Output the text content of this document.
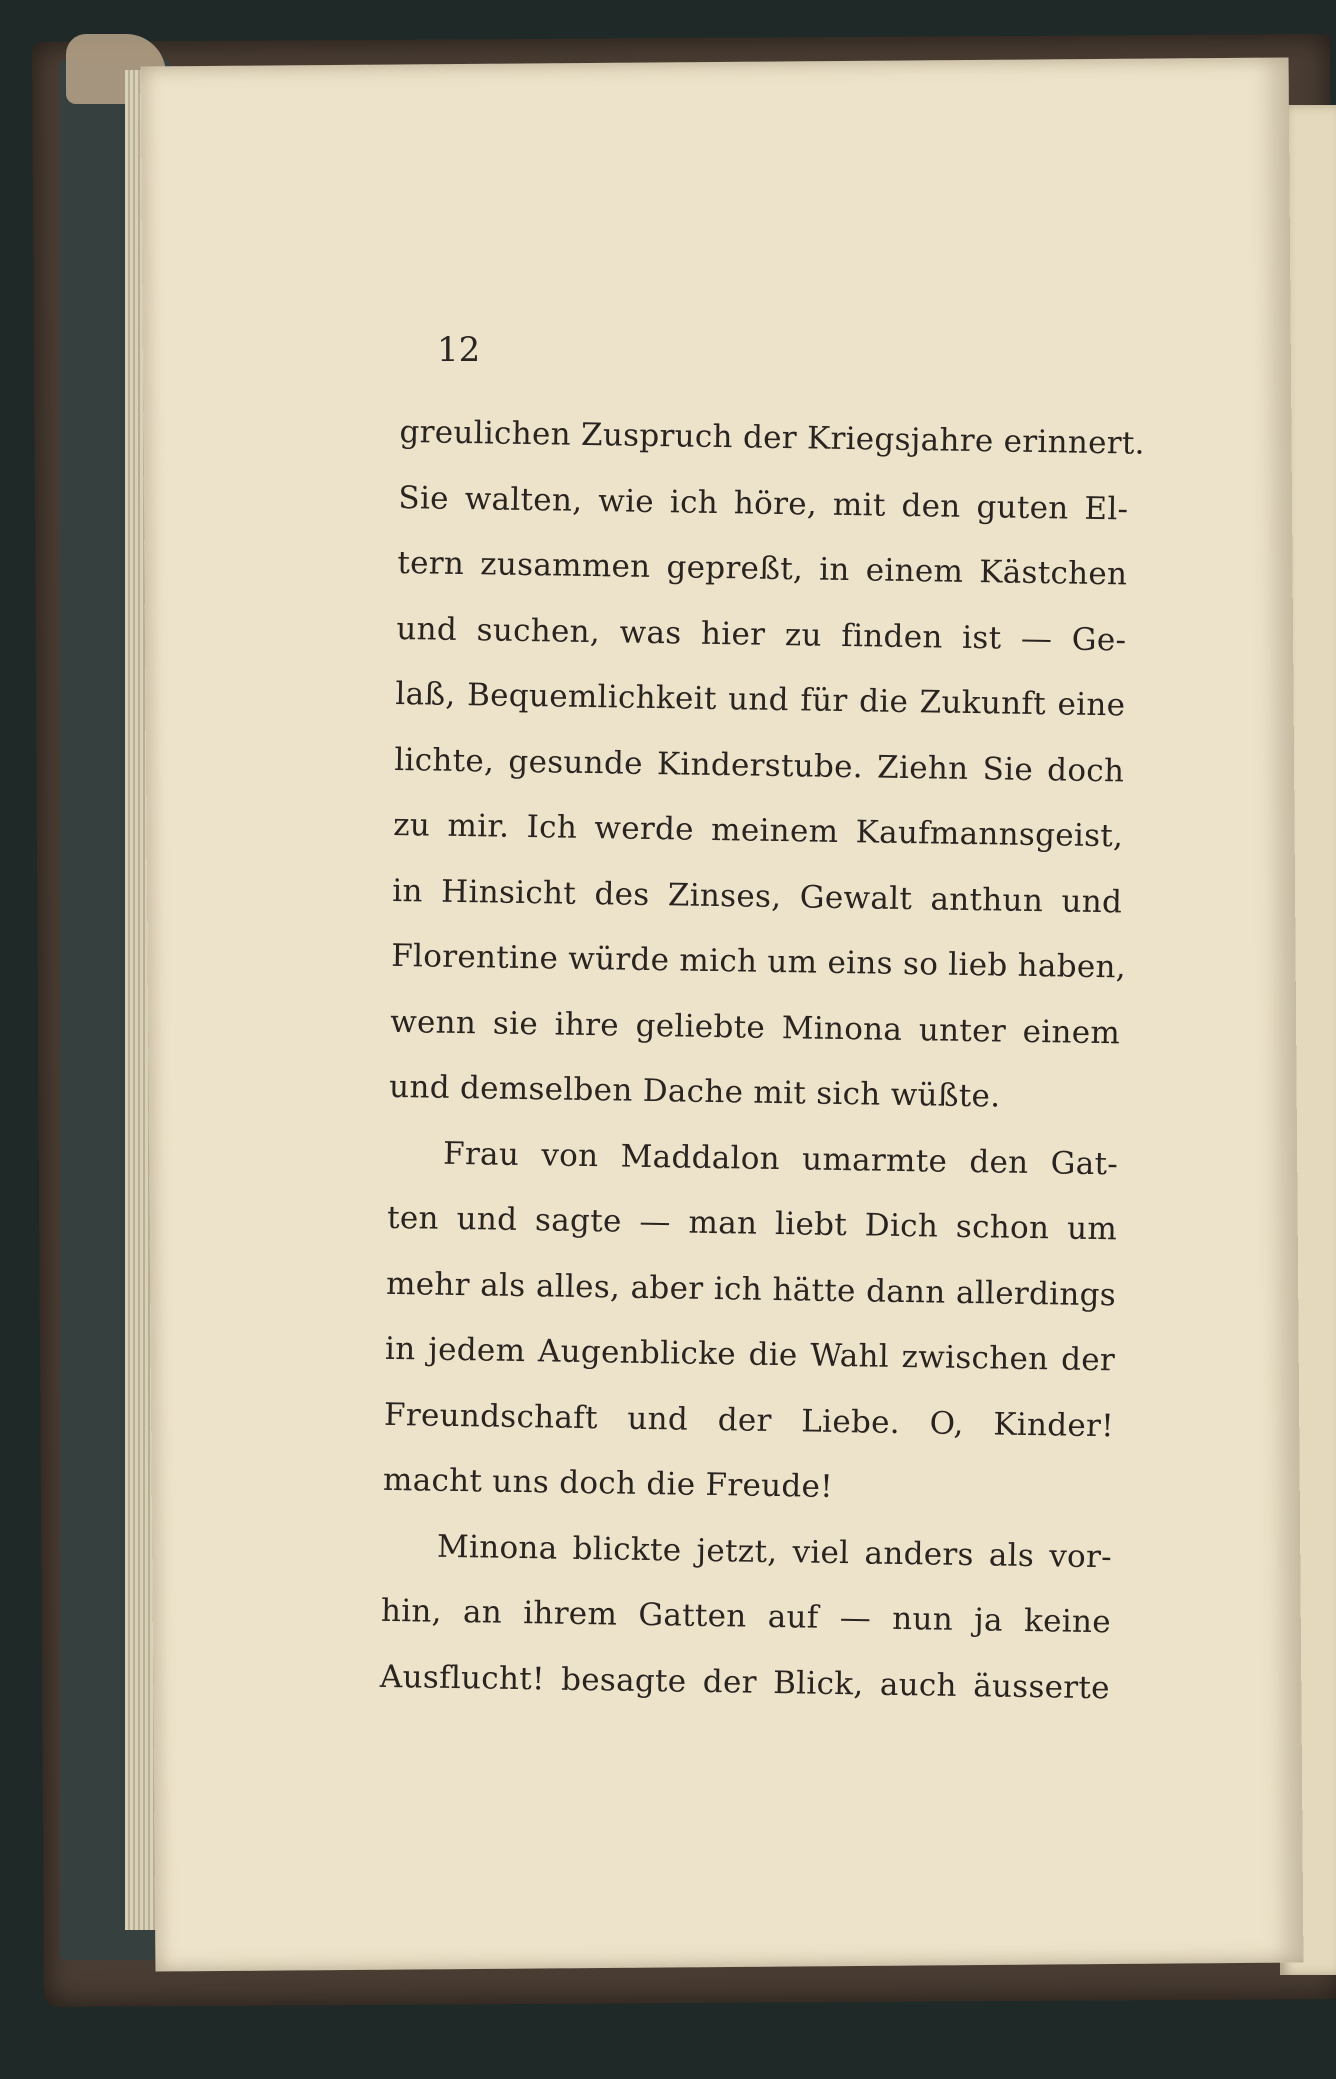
12

greulichen Zuspruch der Kriegsjahre erinnert.
Sie walten, wie ich höre, mit den guten El-
tern zusammen gepreßt, in einem Kästchen
und suchen, was hier zu finden ist — Ge-
laß, Bequemlichkeit und für die Zukunft eine
lichte, gesunde Kinderstube. Ziehn Sie doch
zu mir. Ich werde meinem Kaufmannsgeist,
in Hinsicht des Zinses, Gewalt anthun und
Florentine würde mich um eins so lieb haben,
wenn sie ihre geliebte Minona unter einem
und demselben Dache mit sich wüßte.
Frau von Maddalon umarmte den Gat-
ten und sagte — man liebt Dich schon um
mehr als alles, aber ich hätte dann allerdings
in jedem Augenblicke die Wahl zwischen der
Freundschaft und der Liebe. O, Kinder!
macht uns doch die Freude!
Minona blickte jetzt, viel anders als vor-
hin, an ihrem Gatten auf — nun ja keine
Ausflucht! besagte der Blick, auch äusserte
